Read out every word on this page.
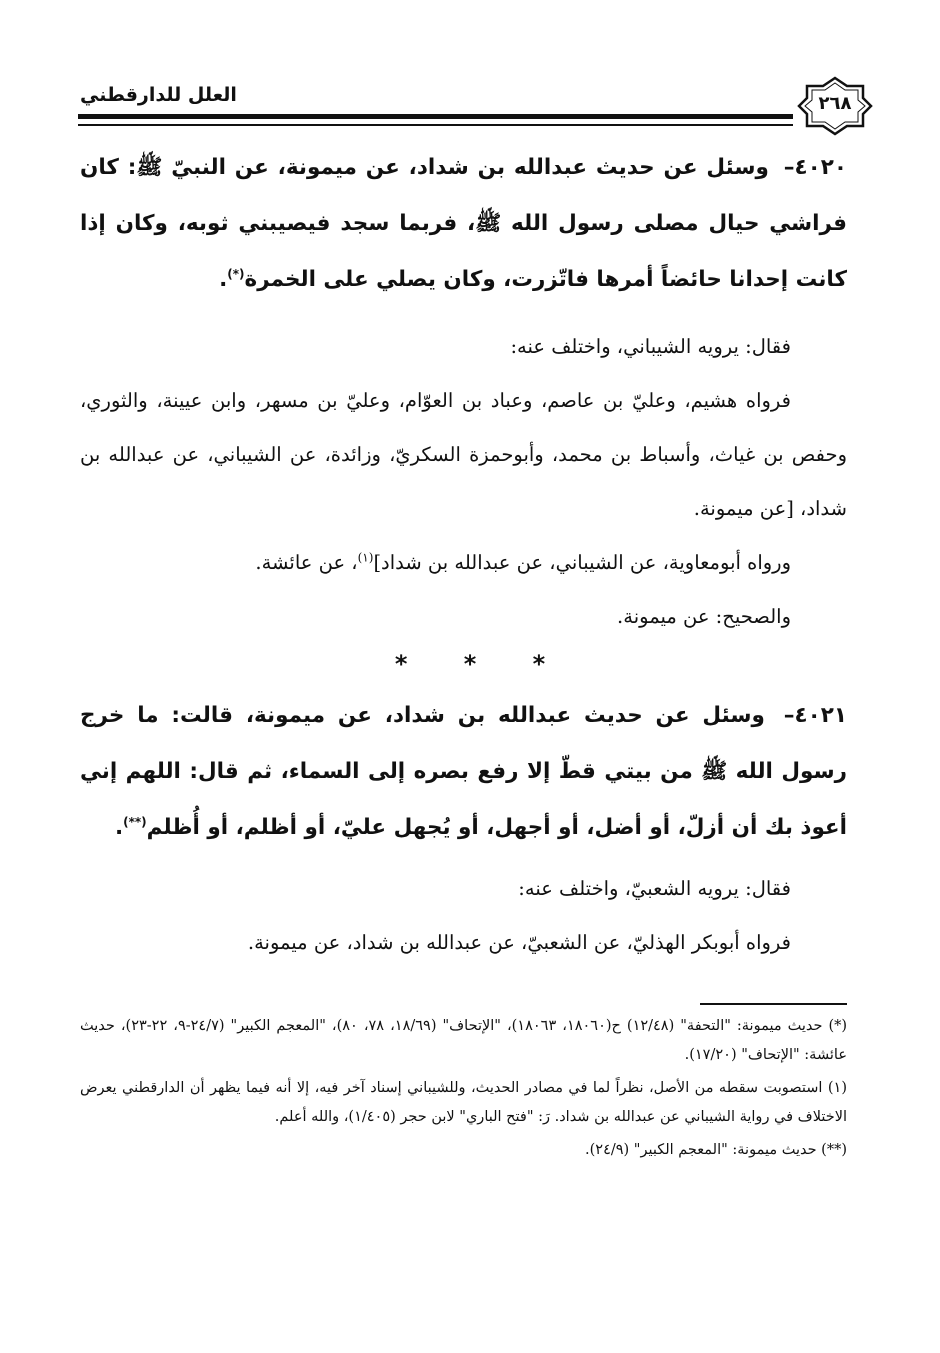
العلل للدارقطني	٢٦٨
٤٠٢٠– وسئل عن حديث عبدالله بن شداد، عن ميمونة، عن النبيّ ﷺ: كان فراشي حيال مصلى رسول الله ﷺ، فربما سجد فيصيبني ثوبه، وكان إذا كانت إحدانا حائضاً أمرها فاتّزرت، وكان يصلي على الخمرة(*).
فقال: يرويه الشيباني، واختلف عنه:
فرواه هشيم، وعليّ بن عاصم، وعباد بن العوّام، وعليّ بن مسهر، وابن عيينة، والثوري، وحفص بن غياث، وأسباط بن محمد، وأبوحمزة السكريّ، وزائدة، عن الشيباني، عن عبدالله بن شداد، [عن ميمونة.
ورواه أبومعاوية، عن الشيباني، عن عبدالله بن شداد]$^{(١)}$، عن عائشة.
والصحيح: عن ميمونة.
* * *
٤٠٢١– وسئل عن حديث عبدالله بن شداد، عن ميمونة، قالت: ما خرج رسول الله ﷺ من بيتي قطّ إلا رفع بصره إلى السماء، ثم قال: اللهم إني أعوذ بك أن أزلّ، أو أضل، أو أجهل، أو يُجهل عليّ، أو أظلم، أو أُظلم(**).
فقال: يرويه الشعبيّ، واختلف عنه:
فرواه أبوبكر الهذليّ، عن الشعبيّ، عن عبدالله بن شداد، عن ميمونة.
(*) حديث ميمونة: "التحفة" (١٢/٤٨) ح(١٨٠٦٠، ١٨٠٦٣)، "الإتحاف" (١٨/٦٩، ٧٨، ٨٠)، "المعجم الكبير" (٢٤/٧-٩، ٢٢-٢٣)، حديث عائشة: "الإتحاف" (١٧/٢٠).
(١) استصوبت سقطه من الأصل، نظراً لما في مصادر الحديث، وللشيباني إسناد آخر فيه، إلا أنه فيما يظهر أن الدارقطني يعرض الاختلاف في رواية الشيباني عن عبدالله بن شداد. رَ: "فتح الباري" لابن حجر (١/٤٠٥)، والله أعلم.
(**) حديث ميمونة: "المعجم الكبير" (٢٤/٩).
